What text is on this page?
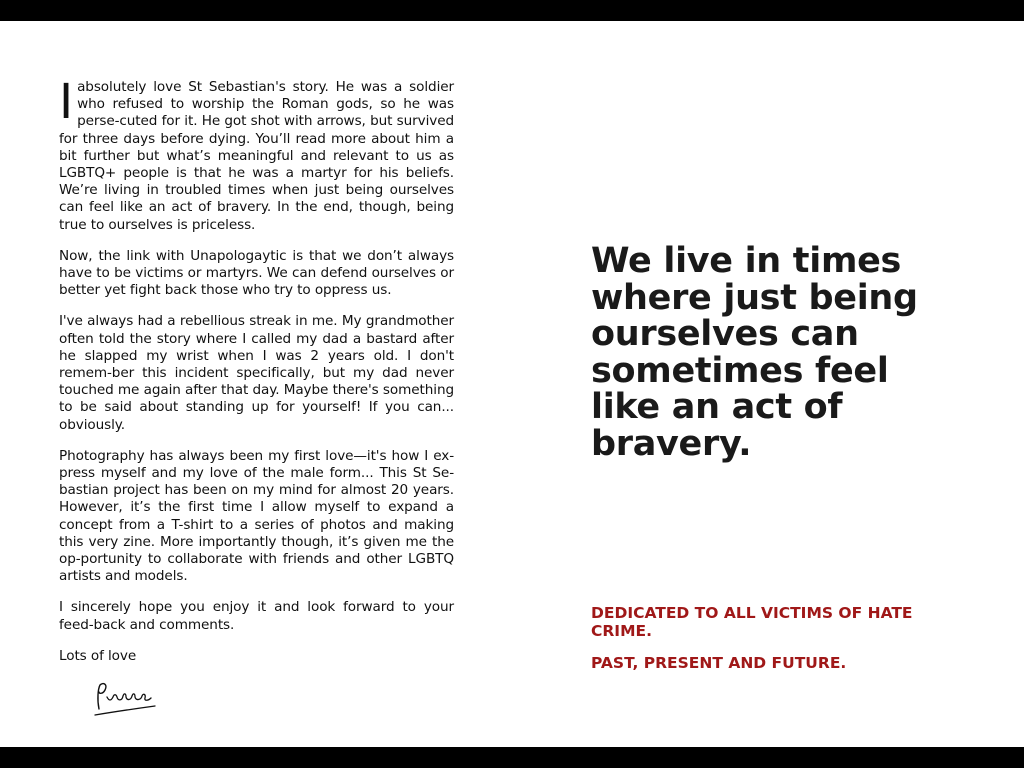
Iabsolutely love St Sebastian's story. He was a soldier who refused to worship the Roman gods, so he was perse-cuted for it. He got shot with arrows, but survived for three days before dying. You’ll read more about him a bit further but what’s meaningful and relevant to us as LGBTQ+ people is that he was a martyr for his beliefs. We’re living in troubled times when just being ourselves can feel like an act of bravery. In the end, though, being true to ourselves is priceless.

Now, the link with Unapologaytic is that we don’t always have to be victims or martyrs. We can defend ourselves or better yet fight back those who try to oppress us.

I've always had a rebellious streak in me. My grandmother often told the story where I called my dad a bastard after he slapped my wrist when I was 2 years old. I don't remem-ber this incident specifically, but my dad never touched me again after that day. Maybe there's something to be said about standing up for yourself! If you can... obviously.

Photography has always been my first love—it's how I ex-press myself and my love of the male form... This St Se-bastian project has been on my mind for almost 20 years. However, it’s the first time I allow myself to expand a concept from a T-shirt to a series of photos and making this very zine. More importantly though, it’s given me the op-portunity to collaborate with friends and other LGBTQ artists and models.

I sincerely hope you enjoy it and look forward to your feed-back and comments.

Lots of love

We live in times where just being ourselves can sometimes feel like an act of bravery.

DEDICATED TO ALL VICTIMS OF HATE CRIME.

PAST, PRESENT AND FUTURE.
